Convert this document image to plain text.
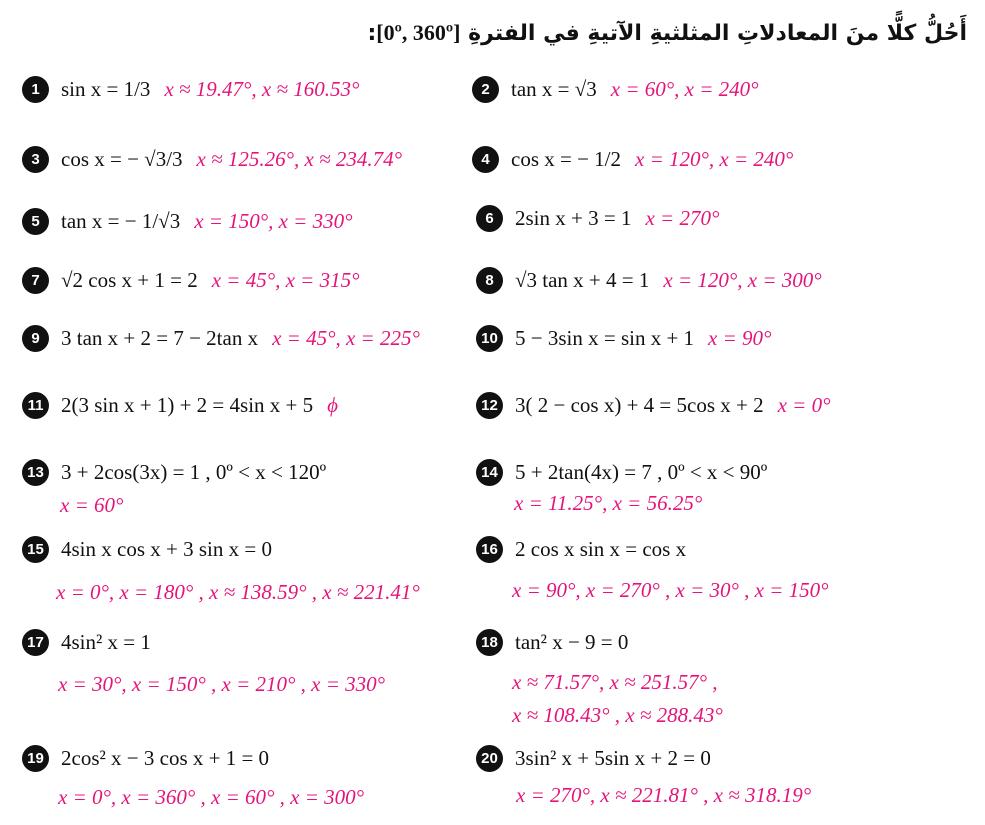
أَحُلُّ كلًّا منَ المعادلاتِ المثلثيةِ الآتيةِ في الفترةِ [0º, 360º]:
1	sin x = 1/3 x ≈ 19.47°, x ≈ 160.53°	2	tan x = √3 x = 60°, x = 240°
3	cos x = − √3/3 x ≈ 125.26°, x ≈ 234.74°	4	cos x = − 1/2 x = 120°, x = 240°
5	tan x = − 1/√3 x = 150°, x = 330°	6	2sin x + 3 = 1 x = 270°
7	√2 cos x + 1 = 2 x = 45°, x = 315°	8	√3 tan x + 4 = 1 x = 120°, x = 300°
9	3 tan x + 2 = 7 − 2tan x x = 45°, x = 225°	10 5 − 3sin x = sin x + 1 x = 90°
11 2(3 sin x + 1) + 2 = 4sin x + 5 ϕ	12 3( 2 − cos x) + 4 = 5cos x + 2 x = 0°
13 3 + 2cos(3x) = 1 , 0º < x < 120º
x = 60°
14 5 + 2tan(4x) = 7 , 0º < x < 90º
x = 11.25°, x = 56.25°
15 4sin x cos x + 3 sin x = 0
x = 0°, x = 180° , x ≈ 138.59° , x ≈ 221.41°
16 2 cos x sin x = cos x
x = 90°, x = 270° , x = 30° , x = 150°
17 4sin² x = 1
x = 30°, x = 150° , x = 210° , x = 330°
18 tan² x − 9 = 0
x ≈ 71.57°, x ≈ 251.57° ,
x ≈ 108.43° , x ≈ 288.43°
19 2cos² x − 3 cos x + 1 = 0
x = 0°, x = 360° , x = 60° , x = 300°
20 3sin² x + 5sin x + 2 = 0
x = 270°, x ≈ 221.81° , x ≈ 318.19°
